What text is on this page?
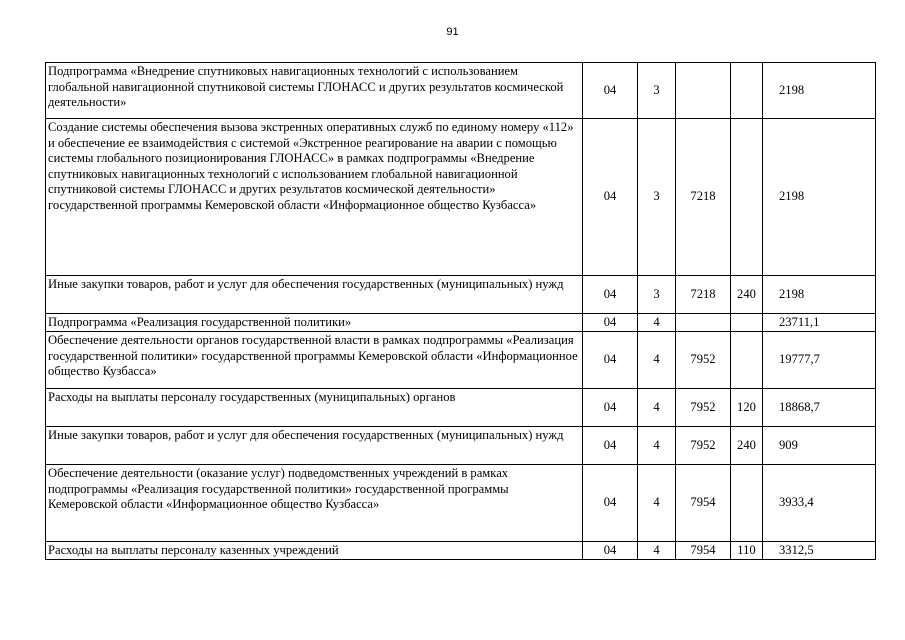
91
Подпрограмма «Внедрение спутниковых навигационных технологий с использованием глобальной навигационной спутниковой системы ГЛОНАСС и других результатов космической деятельности»	04	3			2198
Создание системы обеспечения вызова экстренных оперативных служб по единому номеру «112» и обеспечение ее взаимодействия с системой «Экстренное реагирование на аварии с помощью системы глобального позиционирования ГЛОНАСС» в рамках подпрограммы «Внедрение спутниковых навигационных технологий с использованием глобальной навигационной спутниковой системы ГЛОНАСС и других результатов космической деятельности» государственной программы Кемеровской области «Информационное общество Кузбасса»	04	3	7218		2198
Иные закупки товаров, работ и услуг для обеспечения государственных (муниципальных) нужд	04	3	7218	240	2198
Подпрограмма «Реализация государственной политики»	04	4			23711,1
Обеспечение деятельности органов государственной власти в рамках подпрограммы «Реализация государственной политики» государственной программы Кемеровской области «Информационное общество Кузбасса»	04	4	7952		19777,7
Расходы на выплаты персоналу государственных (муниципальных) органов	04	4	7952	120	18868,7
Иные закупки товаров, работ и услуг для обеспечения государственных (муниципальных) нужд	04	4	7952	240	909
Обеспечение деятельности (оказание услуг) подведомственных учреждений в рамках подпрограммы «Реализация государственной политики» государственной программы Кемеровской области «Информационное общество Кузбасса»	04	4	7954		3933,4
Расходы на выплаты персоналу казенных учреждений	04	4	7954	110	3312,5
